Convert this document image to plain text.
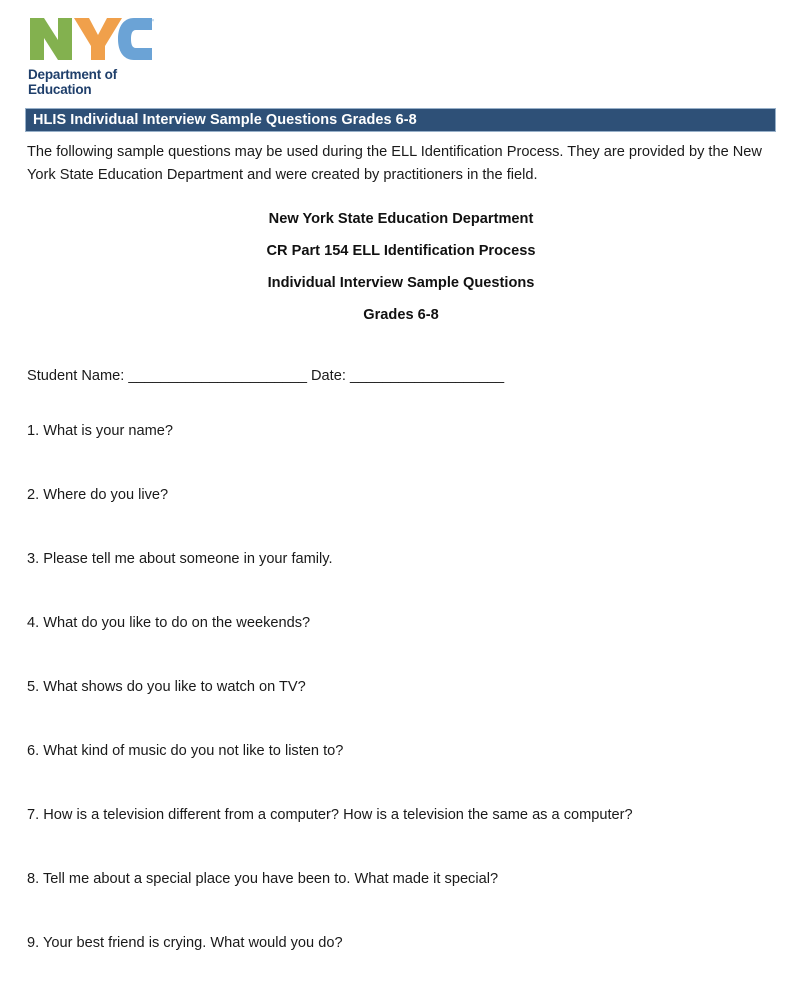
™
Department of
Education
HLIS Individual Interview Sample Questions Grades 6-8

The following sample questions may be used during the ELL Identification Process. They are provided by the New York State Education Department and were created by practitioners in the field.

New York State Education Department
CR Part 154 ELL Identification Process
Individual Interview Sample Questions
Grades 6-8
Student Name: ______________________ Date: ___________________
1. What is your name?
2. Where do you live?
3. Please tell me about someone in your family.
4. What do you like to do on the weekends?
5. What shows do you like to watch on TV?
6. What kind of music do you not like to listen to?
7. How is a television different from a computer? How is a television the same as a computer?
8. Tell me about a special place you have been to. What made it special?
9. Your best friend is crying. What would you do?
